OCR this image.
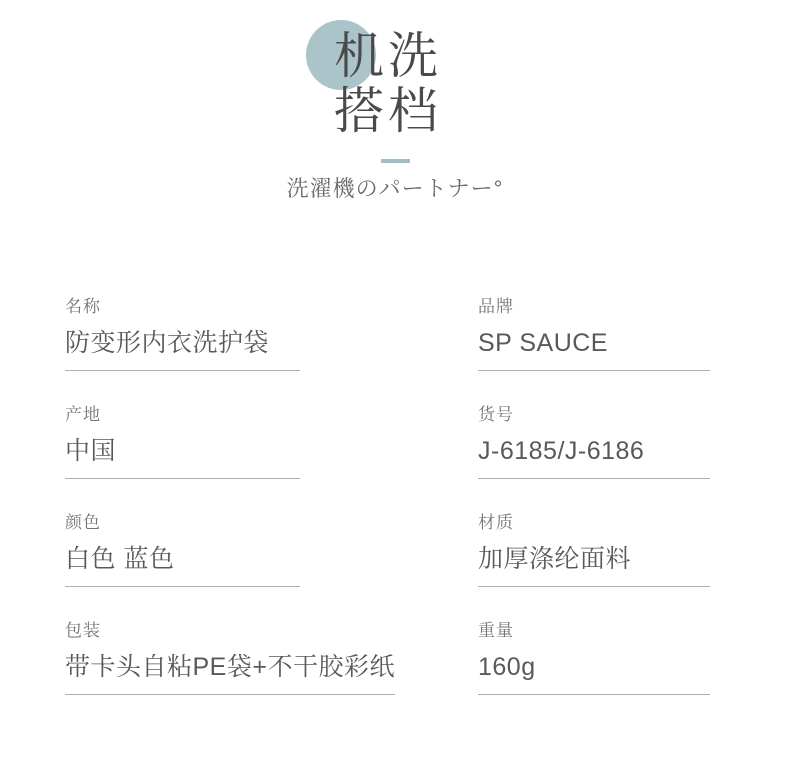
机洗
搭档
洗濯機のパートナー°
名称
防变形内衣洗护袋
品牌
SP SAUCE
产地
中国
货号
J-6185/J-6186
颜色
白色 蓝色
材质
加厚涤纶面料
包装
带卡头自粘PE袋+不干胶彩纸
重量
160g
